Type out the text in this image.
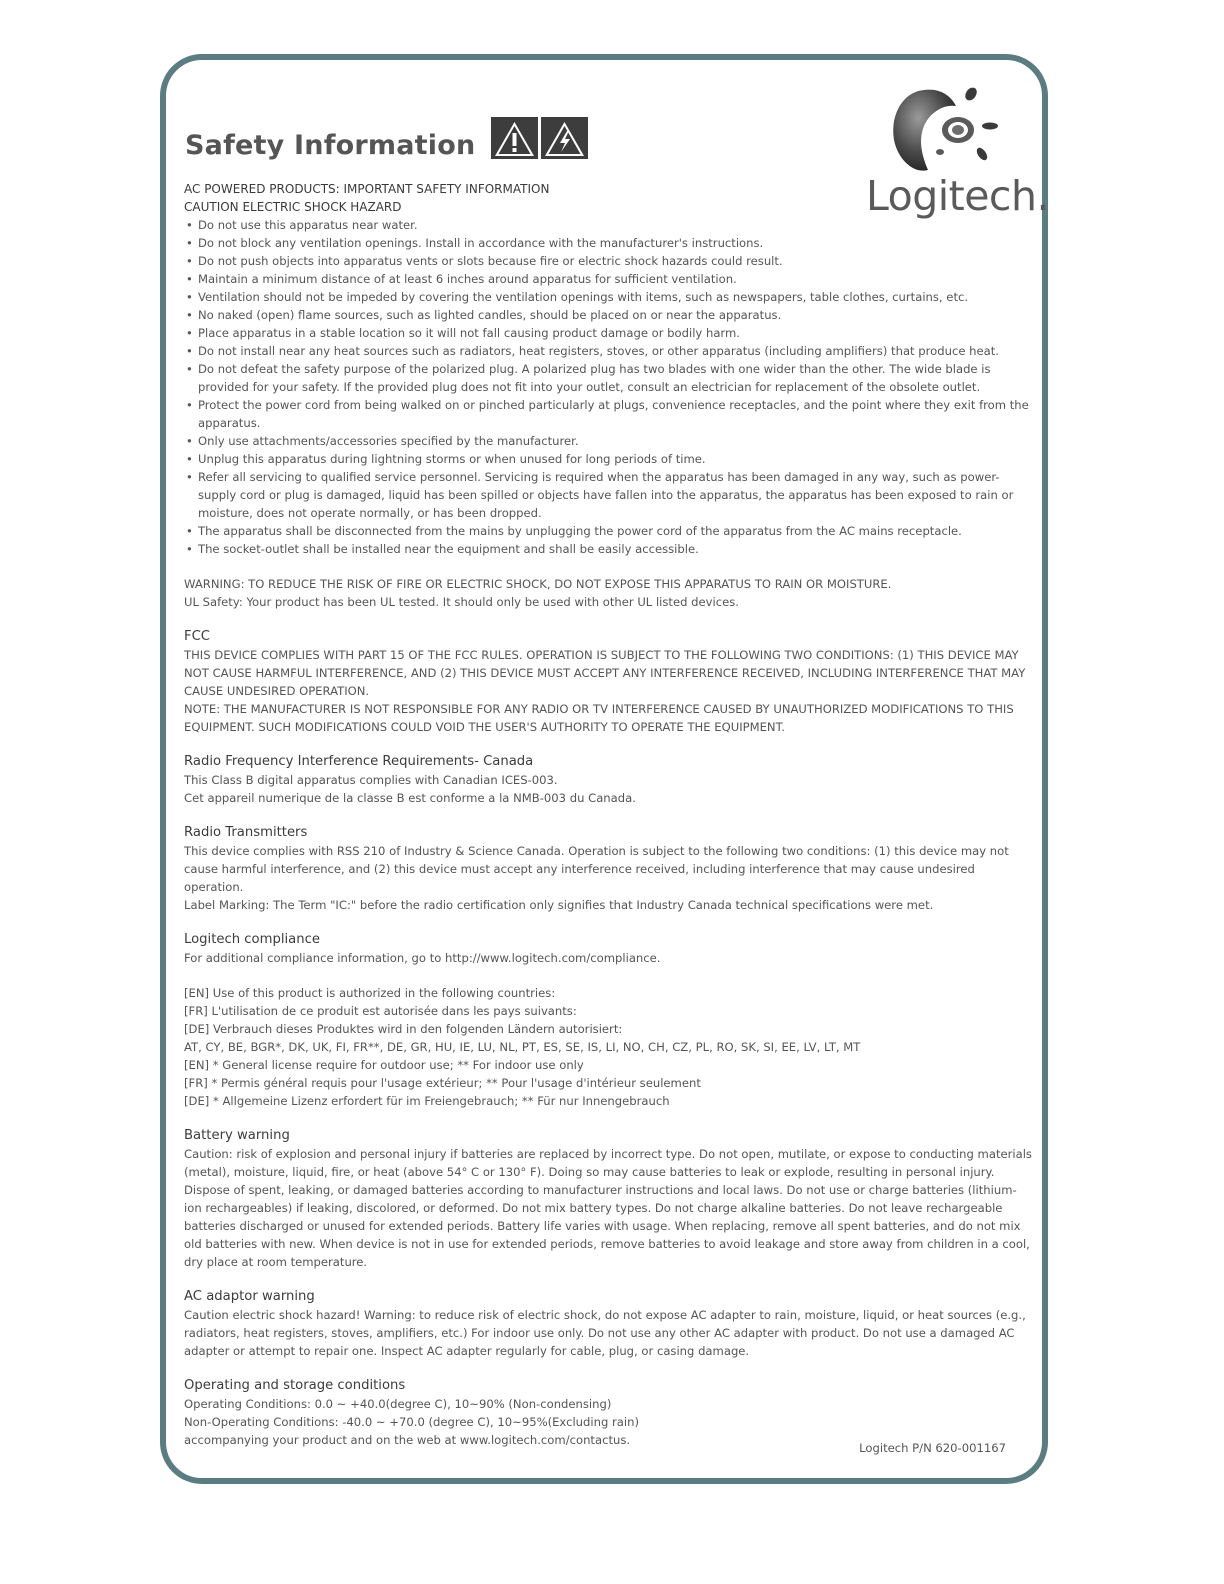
Safety Information
Logitech.

AC POWERED PRODUCTS: IMPORTANT SAFETY INFORMATION

CAUTION ELECTRIC SHOCK HAZARD

• Do not use this apparatus near water.
• Do not block any ventilation openings. Install in accordance with the manufacturer's instructions.
• Do not push objects into apparatus vents or slots because fire or electric shock hazards could result.
• Maintain a minimum distance of at least 6 inches around apparatus for sufficient ventilation.
• Ventilation should not be impeded by covering the ventilation openings with items, such as newspapers, table clothes, curtains, etc.
• No naked (open) flame sources, such as lighted candles, should be placed on or near the apparatus.
• Place apparatus in a stable location so it will not fall causing product damage or bodily harm.
• Do not install near any heat sources such as radiators, heat registers, stoves, or other apparatus (including amplifiers) that produce heat.
• Do not defeat the safety purpose of the polarized plug. A polarized plug has two blades with one wider than the other. The wide blade is provided for your safety. If the provided plug does not fit into your outlet, consult an electrician for replacement of the obsolete outlet.
• Protect the power cord from being walked on or pinched particularly at plugs, convenience receptacles, and the point where they exit from the apparatus.
• Only use attachments/accessories specified by the manufacturer.
• Unplug this apparatus during lightning storms or when unused for long periods of time.
• Refer all servicing to qualified service personnel. Servicing is required when the apparatus has been damaged in any way, such as power-supply cord or plug is damaged, liquid has been spilled or objects have fallen into the apparatus, the apparatus has been exposed to rain or moisture, does not operate normally, or has been dropped.
• The apparatus shall be disconnected from the mains by unplugging the power cord of the apparatus from the AC mains receptacle.
• The socket-outlet shall be installed near the equipment and shall be easily accessible.

WARNING: TO REDUCE THE RISK OF FIRE OR ELECTRIC SHOCK, DO NOT EXPOSE THIS APPARATUS TO RAIN OR MOISTURE.

UL Safety: Your product has been UL tested. It should only be used with other UL listed devices.

FCC

THIS DEVICE COMPLIES WITH PART 15 OF THE FCC RULES. OPERATION IS SUBJECT TO THE FOLLOWING TWO CONDITIONS: (1) THIS DEVICE MAY NOT CAUSE HARMFUL INTERFERENCE, AND (2) THIS DEVICE MUST ACCEPT ANY INTERFERENCE RECEIVED, INCLUDING INTERFERENCE THAT MAY CAUSE UNDESIRED OPERATION.

NOTE: THE MANUFACTURER IS NOT RESPONSIBLE FOR ANY RADIO OR TV INTERFERENCE CAUSED BY UNAUTHORIZED MODIFICATIONS TO THIS EQUIPMENT. SUCH MODIFICATIONS COULD VOID THE USER'S AUTHORITY TO OPERATE THE EQUIPMENT.

Radio Frequency Interference Requirements- Canada

This Class B digital apparatus complies with Canadian ICES-003.

Cet appareil numerique de la classe B est conforme a la NMB-003 du Canada.

Radio Transmitters

This device complies with RSS 210 of Industry & Science Canada. Operation is subject to the following two conditions: (1) this device may not cause harmful interference, and (2) this device must accept any interference received, including interference that may cause undesired operation.

Label Marking: The Term "IC:" before the radio certification only signifies that Industry Canada technical specifications were met.

Logitech compliance

For additional compliance information, go to http://www.logitech.com/compliance.

[EN] Use of this product is authorized in the following countries:

[FR] L'utilisation de ce produit est autorisée dans les pays suivants:

[DE] Verbrauch dieses Produktes wird in den folgenden Ländern autorisiert:

AT, CY, BE, BGR*, DK, UK, FI, FR**, DE, GR, HU, IE, LU, NL, PT, ES, SE, IS, LI, NO, CH, CZ, PL, RO, SK, SI, EE, LV, LT, MT

[EN] * General license require for outdoor use; ** For indoor use only

[FR] * Permis général requis pour l'usage extérieur; ** Pour l'usage d'intérieur seulement

[DE] * Allgemeine Lizenz erfordert für im Freiengebrauch; ** Für nur Innengebrauch

Battery warning

Caution: risk of explosion and personal injury if batteries are replaced by incorrect type. Do not open, mutilate, or expose to conducting materials (metal), moisture, liquid, fire, or heat (above 54° C or 130° F). Doing so may cause batteries to leak or explode, resulting in personal injury. Dispose of spent, leaking, or damaged batteries according to manufacturer instructions and local laws. Do not use or charge batteries (lithium-ion rechargeables) if leaking, discolored, or deformed. Do not mix battery types. Do not charge alkaline batteries. Do not leave rechargeable batteries discharged or unused for extended periods. Battery life varies with usage. When replacing, remove all spent batteries, and do not mix old batteries with new. When device is not in use for extended periods, remove batteries to avoid leakage and store away from children in a cool, dry place at room temperature.

AC adaptor warning

Caution electric shock hazard! Warning: to reduce risk of electric shock, do not expose AC adapter to rain, moisture, liquid, or heat sources (e.g., radiators, heat registers, stoves, amplifiers, etc.) For indoor use only. Do not use any other AC adapter with product. Do not use a damaged AC adapter or attempt to repair one. Inspect AC adapter regularly for cable, plug, or casing damage.

Operating and storage conditions

Operating Conditions: 0.0 ~ +40.0(degree C), 10~90% (Non-condensing)

Non-Operating Conditions: -40.0 ~ +70.0 (degree C), 10~95%(Excluding rain)

accompanying your product and on the web at www.logitech.com/contactus.

Logitech P/N 620-001167
